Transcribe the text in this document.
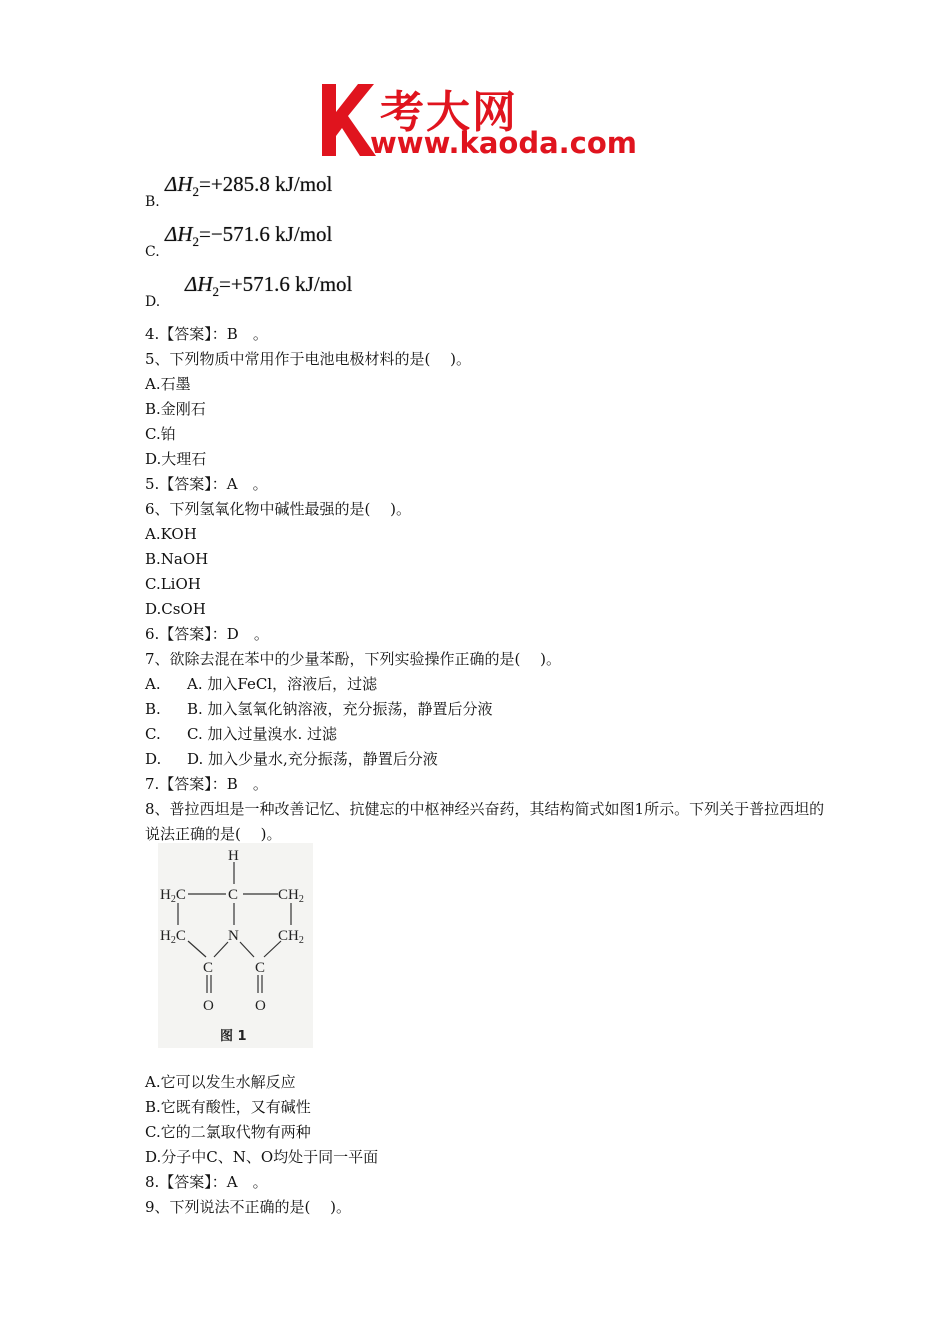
考大网
www.kaoda.com
B.
$\Delta H_2=+285.8$ kJ/mol
C.
$\Delta H_2=-571.6$ kJ/mol
D.
$\Delta H_2=+571.6$ kJ/mol
4.【答案】：B　。
5、下列物质中常用作于电池电极材料的是(　 )。
A.石墨
B.金刚石
C.铂
D.大理石
5.【答案】：A　。
6、下列氢氧化物中碱性最强的是(　 )。
A.KOH
B.NaOH
C.LiOH
D.CsOH
6.【答案】：D　。
7、欲除去混在苯中的少量苯酚，下列实验操作正确的是(　 )。
A. A. 加入FeCl，溶液后，过滤
B. B. 加入氢氧化钠溶液，充分振荡，静置后分液
C. C. 加入过量溴水. 过滤
D. D. 加入少量水,充分振荡，静置后分液
7.【答案】：B　。
8、普拉西坦是一种改善记忆、抗健忘的中枢神经兴奋药，其结构简式如图1所示。下列关于普拉西坦的说法正确的是(　 )。
H
C
$H_2C$	$CH_2$
$H_2C$	N	$CH_2$
C	C
O	O
图 1
A.它可以发生水解反应
B.它既有酸性，又有碱性
C.它的二氯取代物有两种
D.分子中C、N、O均处于同一平面
8.【答案】：A　。
9、下列说法不正确的是(　 )。
